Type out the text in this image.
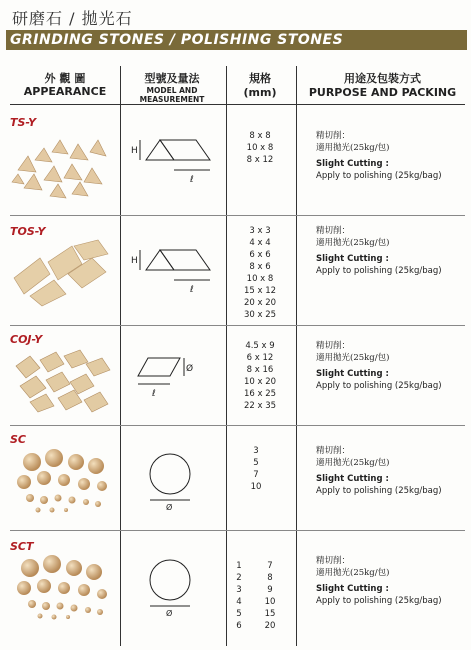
研磨石 / 拋光石
GRINDING STONES / POLISHING STONES
外 觀 圖
APPEARANCE
型號及量法
MODEL AND MEASUREMENT
規格
(mm)
用途及包裝方式
PURPOSE AND PACKING
TS-Y
H
ℓ
8 x 8
10 x 8
8 x 12
精切削：
適用拋光(25kg/包)
Slight Cutting :
Apply to polishing (25kg/bag)
TOS-Y
H
ℓ
3 x 3
4 x 4
6 x 6
8 x 6
10 x 8
15 x 12
20 x 20
30 x 25
精切削：
適用拋光(25kg/包)
Slight Cutting :
Apply to polishing (25kg/bag)
COJ-Y
Ø
ℓ
4.5 x 9
6 x 12
8 x 16
10 x 20
16 x 25
22 x 35
精切削：
適用拋光(25kg/包)
Slight Cutting :
Apply to polishing (25kg/bag)
SC
Ø
3
5
7
10
精切削：
適用拋光(25kg/包)
Slight Cutting :
Apply to polishing (25kg/bag)
SCT
Ø
1
2
3
4
5
6
7
8
9
10
15
20
精切削：
適用拋光(25kg/包)
Slight Cutting :
Apply to polishing (25kg/bag)
